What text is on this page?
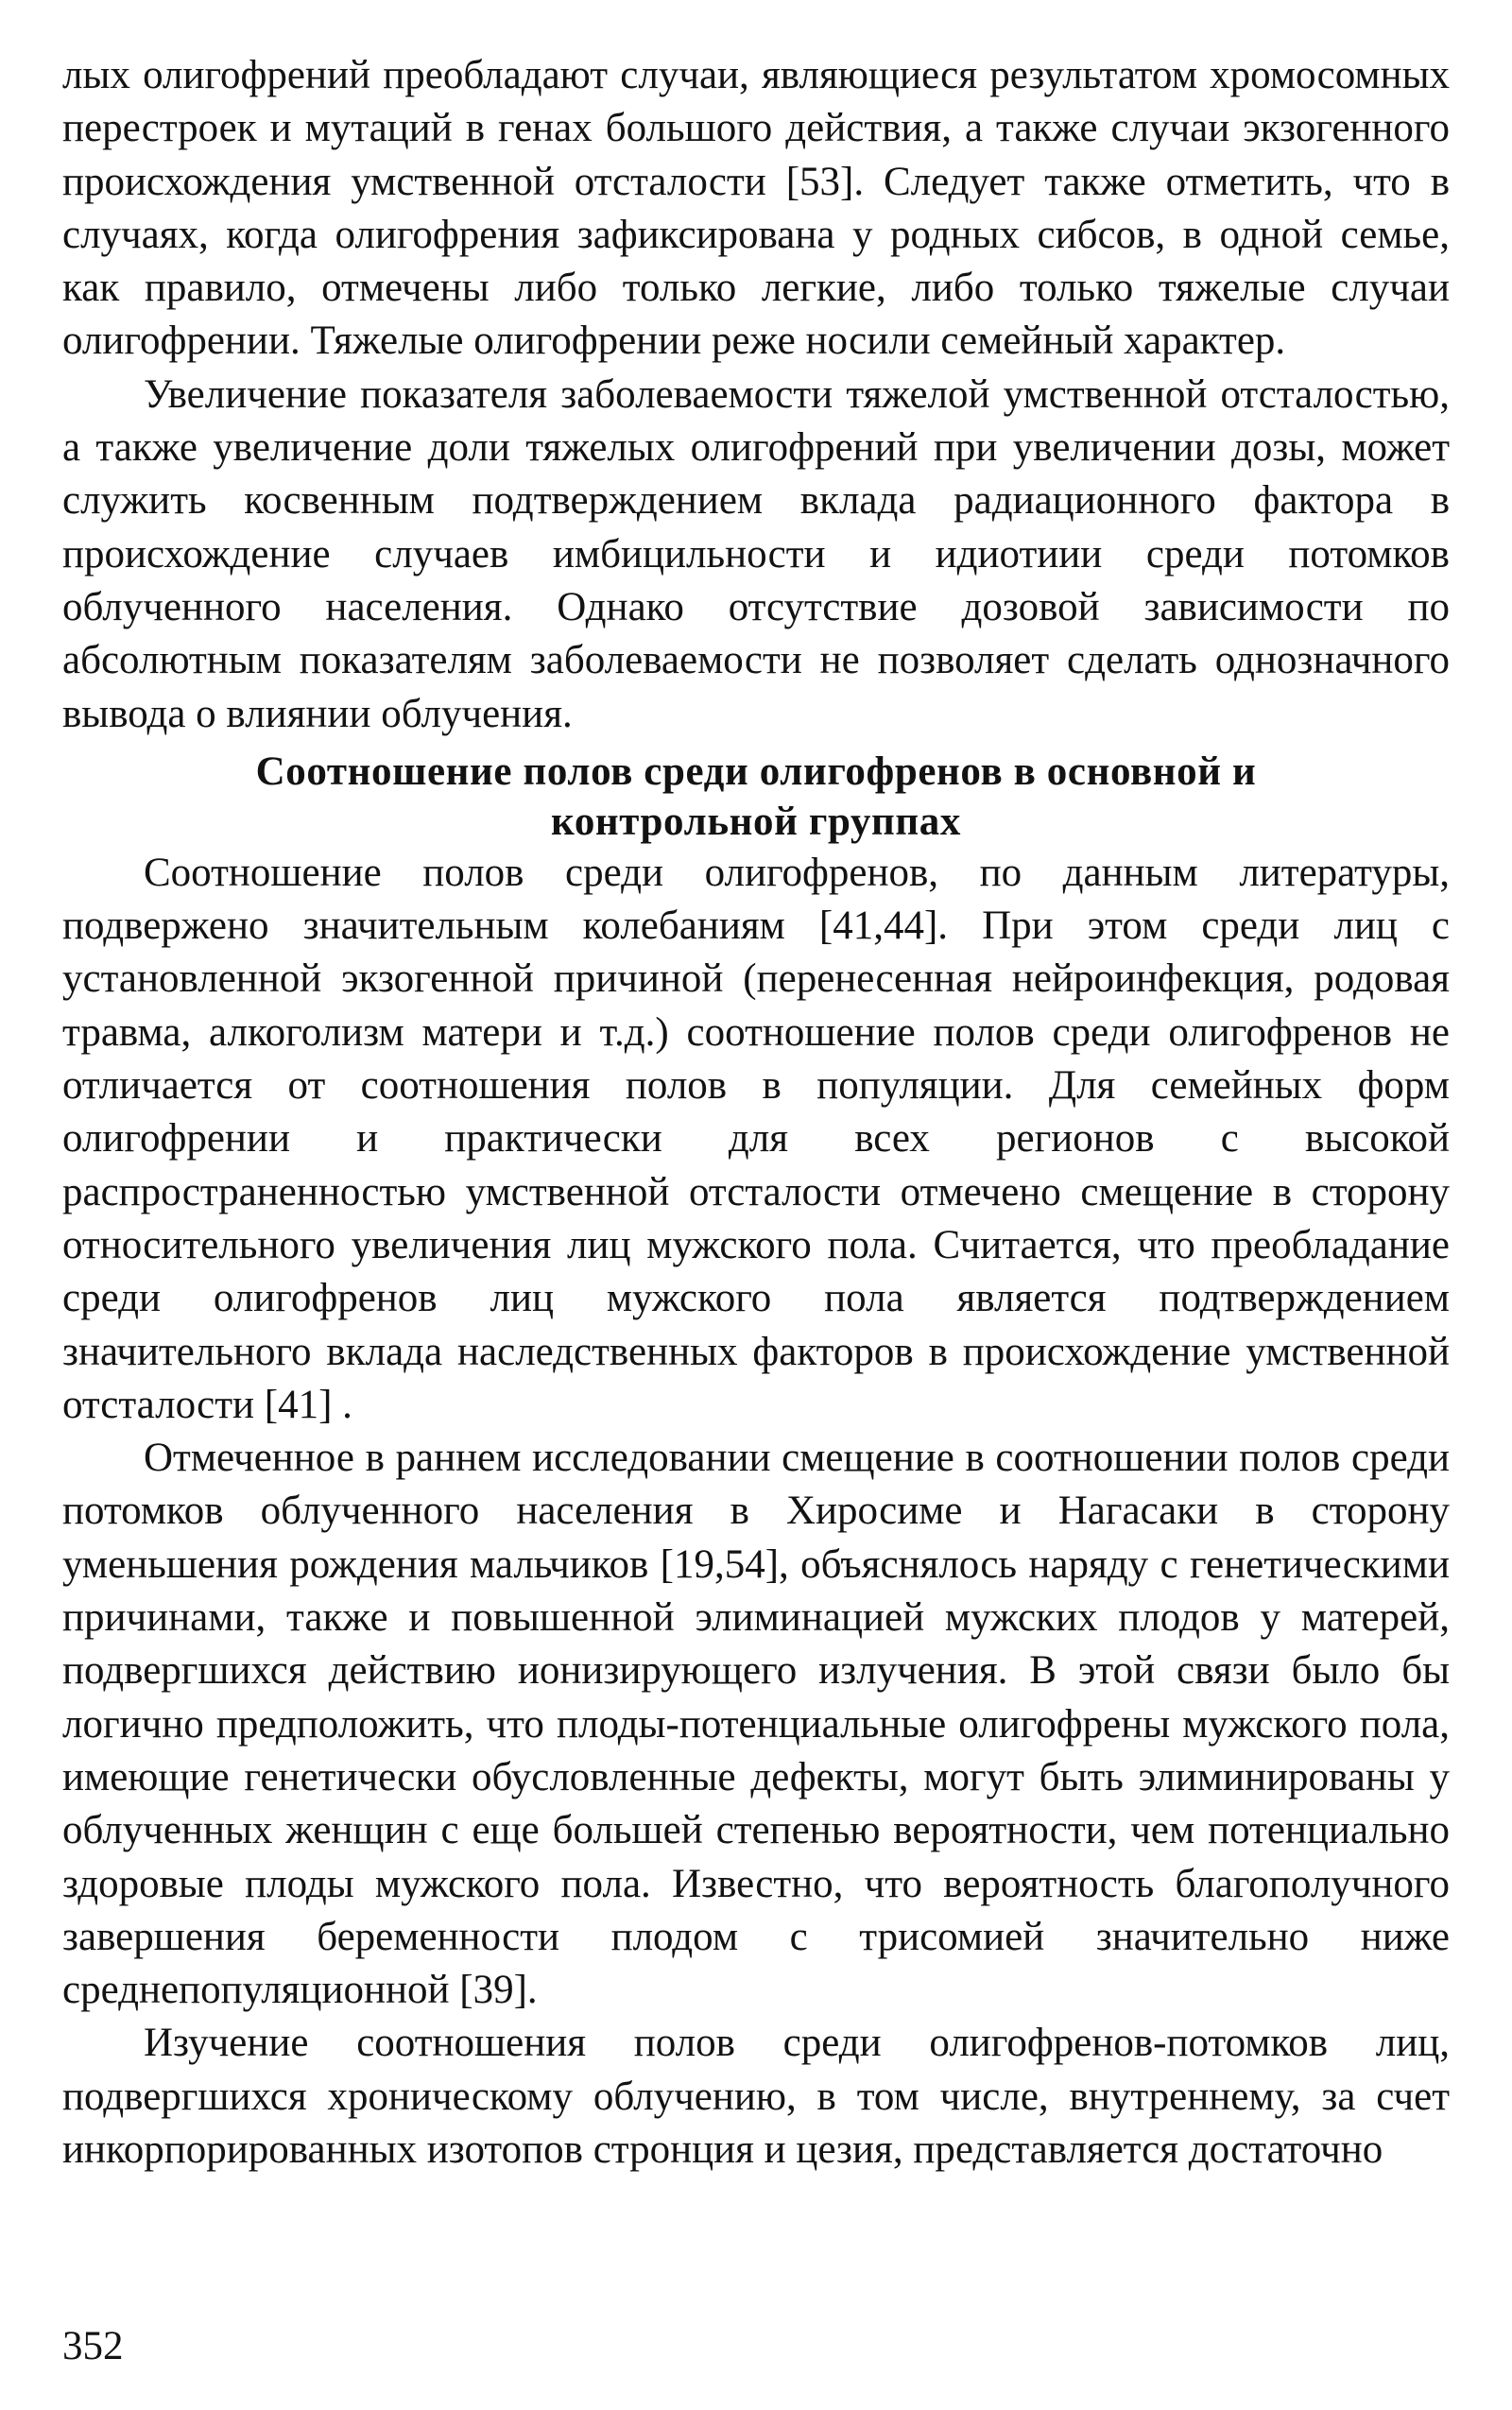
лых олигофрений преобладают случаи, являющиеся результатом хромосомных перестроек и мутаций в генах большого действия, а также случаи экзогенного происхождения умственной отсталости [53]. Следует также отметить, что в случаях, когда олигофрения зафиксирована у родных сибсов, в одной семье, как правило, отмечены либо только легкие, либо только тяжелые случаи олигофрении. Тяжелые олигофрении реже носили семейный характер.

Увеличение показателя заболеваемости тяжелой умственной отсталостью, а также увеличение доли тяжелых олигофрений при увеличении дозы, может служить косвенным подтверждением вклада радиационного фактора в происхождение случаев имбицильности и идиотиии среди потомков облученного населения. Однако отсутствие дозовой зависимости по абсолютным показателям заболеваемости не позволяет сделать однозначного вывода о влиянии облучения.

Соотношение полов среди олигофренов в основной и
контрольной группах

Соотношение полов среди олигофренов, по данным литературы, подвержено значительным колебаниям [41,44]. При этом среди лиц с установленной экзогенной причиной (перенесенная нейроинфекция, родовая травма, алкоголизм матери и т.д.) соотношение полов среди олигофренов не отличается от соотношения полов в популяции. Для семейных форм олигофрении и практически для всех регионов с высокой распространенностью умственной отсталости отмечено смещение в сторону относительного увеличения лиц мужского пола. Считается, что преобладание среди олигофренов лиц мужского пола является подтверждением значительного вклада наследственных факторов в происхождение умственной отсталости [41] .

Отмеченное в раннем исследовании смещение в соотношении полов среди потомков облученного населения в Хиросиме и Нагасаки в сторону уменьшения рождения мальчиков [19,54], объяснялось наряду с генетическими причинами, также и повышенной элиминацией мужских плодов у матерей, подвергшихся действию ионизирующего излучения. В этой связи было бы логично предположить, что плоды-потенциальные олигофрены мужского пола, имеющие генетически обусловленные дефекты, могут быть элиминированы у облученных женщин с еще большей степенью вероятности, чем потенциально здоровые плоды мужского пола. Известно, что вероятность благополучного завершения беременности плодом с трисомией значительно ниже среднепопуляционной [39].

Изучение соотношения полов среди олигофренов-потомков лиц, подвергшихся хроническому облучению, в том числе, внутреннему, за счет инкорпорированных изотопов стронция и цезия, представляется достаточно

352
